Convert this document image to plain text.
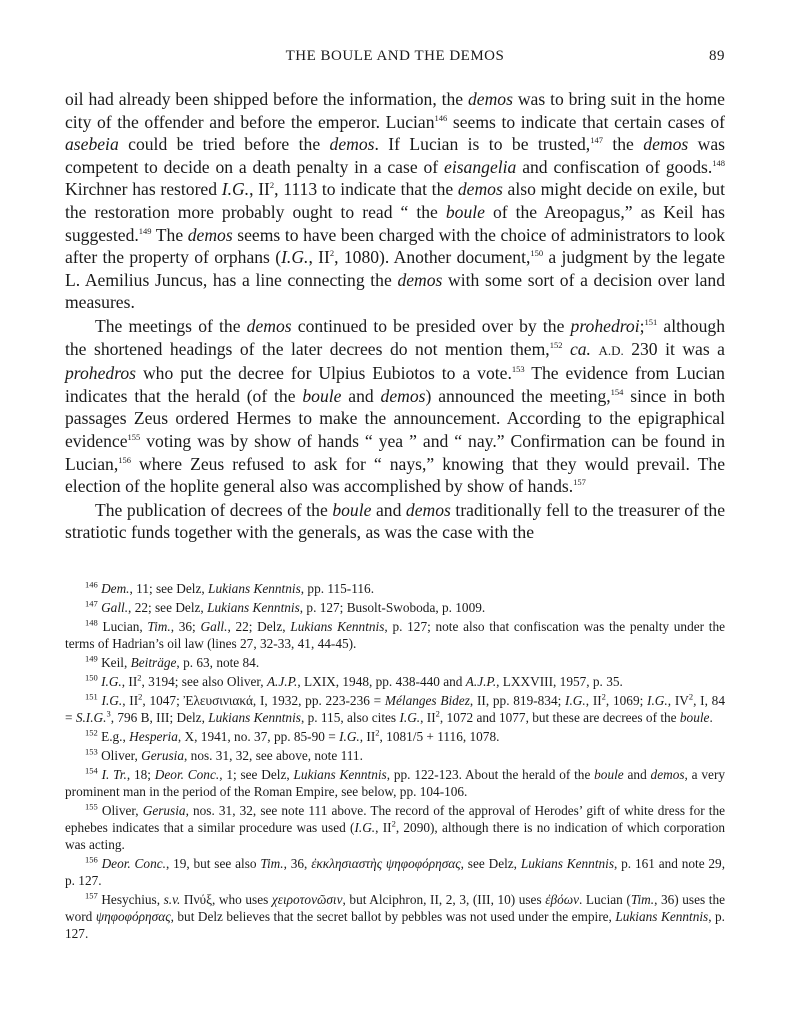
THE BOULE AND THE DEMOS	89

oil had already been shipped before the information, the demos was to bring suit in the home city of the offender and before the emperor. Lucian$^{146}$ seems to indicate that certain cases of asebeia could be tried before the demos. If Lucian is to be trusted,$^{147}$ the demos was competent to decide on a death penalty in a case of eisangelia and confiscation of goods.$^{148}$ Kirchner has restored I.G., $II^2$, 1113 to indicate that the demos also might decide on exile, but the restoration more probably ought to read “ the boule of the Areopagus,” as Keil has suggested.$^{149}$ The demos seems to have been charged with the choice of administrators to look after the property of orphans (I.G., $II^2$, 1080). Another document,$^{150}$ a judgment by the legate L. Aemilius Juncus, has a line connecting the demos with some sort of a decision over land measures.

The meetings of the demos continued to be presided over by the prohedroi;$^{151}$ although the shortened headings of the later decrees do not mention them,$^{152}$ ca. A.D. 230 it was a prohedros who put the decree for Ulpius Eubiotos to a vote.$^{153}$ The evidence from Lucian indicates that the herald (of the boule and demos) announced the meeting,$^{154}$ since in both passages Zeus ordered Hermes to make the announcement. According to the epigraphical evidence$^{155}$ voting was by show of hands “ yea ” and “ nay.” Confirmation can be found in Lucian,$^{156}$ where Zeus refused to ask for “ nays,” knowing that they would prevail. The election of the hoplite general also was accomplished by show of hands.$^{157}$

The publication of decrees of the boule and demos traditionally fell to the treasurer of the stratiotic funds together with the generals, as was the case with the

$^{146}$ Dem., 11; see Delz, Lukians Kenntnis, pp. 115-116.

$^{147}$ Gall., 22; see Delz, Lukians Kenntnis, p. 127; Busolt-Swoboda, p. 1009.

$^{148}$ Lucian, Tim., 36; Gall., 22; Delz, Lukians Kenntnis, p. 127; note also that confiscation was the penalty under the terms of Hadrian’s oil law (lines 27, 32-33, 41, 44-45).

$^{149}$ Keil, Beiträge, p. 63, note 84.

$^{150}$ I.G., $II^2$, 3194; see also Oliver, A.J.P., LXIX, 1948, pp. 438-440 and A.J.P., LXXVIII, 1957, p. 35.

$^{151}$ I.G., $II^2$, 1047; Ἐλευσινιακά, I, 1932, pp. 223-236 = Mélanges Bidez, II, pp. 819-834; I.G., $II^2$, 1069; I.G., $IV^2$, I, 84 = S.I.G.$^3$, 796 B, III; Delz, Lukians Kenntnis, p. 115, also cites I.G., $II^2$, 1072 and 1077, but these are decrees of the boule.

$^{152}$ E.g., Hesperia, X, 1941, no. 37, pp. 85-90 = I.G., $II^2$, 1081/5 + 1116, 1078.

$^{153}$ Oliver, Gerusia, nos. 31, 32, see above, note 111.

$^{154}$ I. Tr., 18; Deor. Conc., 1; see Delz, Lukians Kenntnis, pp. 122-123. About the herald of the boule and demos, a very prominent man in the period of the Roman Empire, see below, pp. 104-106.

$^{155}$ Oliver, Gerusia, nos. 31, 32, see note 111 above. The record of the approval of Herodes’ gift of white dress for the ephebes indicates that a similar procedure was used (I.G., $II^2$, 2090), although there is no indication of which corporation was acting.

$^{156}$ Deor. Conc., 19, but see also Tim., 36, ἐκκλησιαστὴς ψηφοφόρησας, see Delz, Lukians Kenntnis, p. 161 and note 29, p. 127.

$^{157}$ Hesychius, s.v. Πνύξ, who uses χειροτονῶσιν, but Alciphron, II, 2, 3, (III, 10) uses ἐβόων. Lucian (Tim., 36) uses the word ψηφοφόρησας, but Delz believes that the secret ballot by pebbles was not used under the empire, Lukians Kenntnis, p. 127.
